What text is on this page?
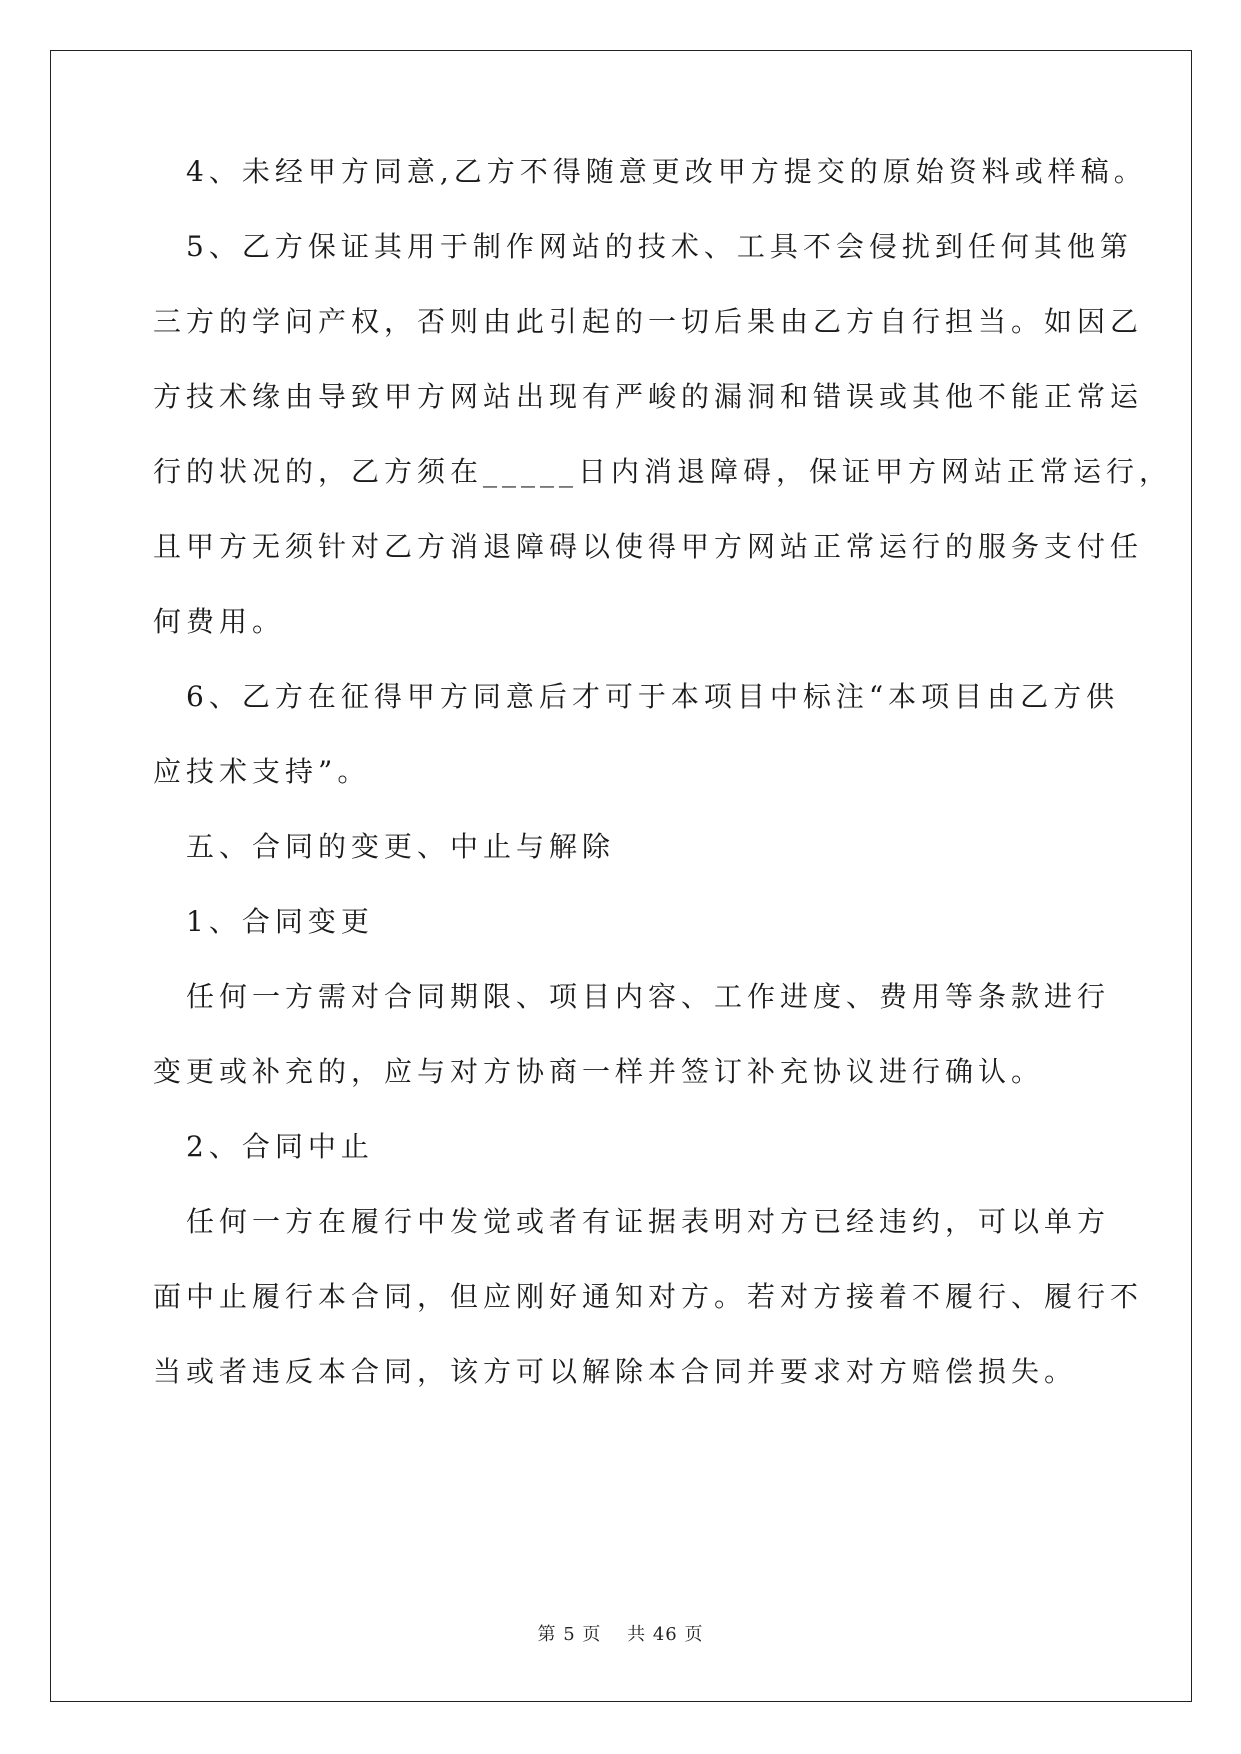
　4、未经甲方同意,乙方不得随意更改甲方提交的原始资料或样稿。
　5、乙方保证其用于制作网站的技术、工具不会侵扰到任何其他第
三方的学问产权，否则由此引起的一切后果由乙方自行担当。如因乙
方技术缘由导致甲方网站出现有严峻的漏洞和错误或其他不能正常运
行的状况的，乙方须在_____日内消退障碍，保证甲方网站正常运行，
且甲方无须针对乙方消退障碍以使得甲方网站正常运行的服务支付任
何费用。
　6、乙方在征得甲方同意后才可于本项目中标注“本项目由乙方供
应技术支持”。
　五、合同的变更、中止与解除
　1、合同变更
　任何一方需对合同期限、项目内容、工作进度、费用等条款进行
变更或补充的，应与对方协商一样并签订补充协议进行确认。
　2、合同中止
　任何一方在履行中发觉或者有证据表明对方已经违约，可以单方
面中止履行本合同，但应刚好通知对方。若对方接着不履行、履行不
当或者违反本合同，该方可以解除本合同并要求对方赔偿损失。
第 5 页　 共 46 页
